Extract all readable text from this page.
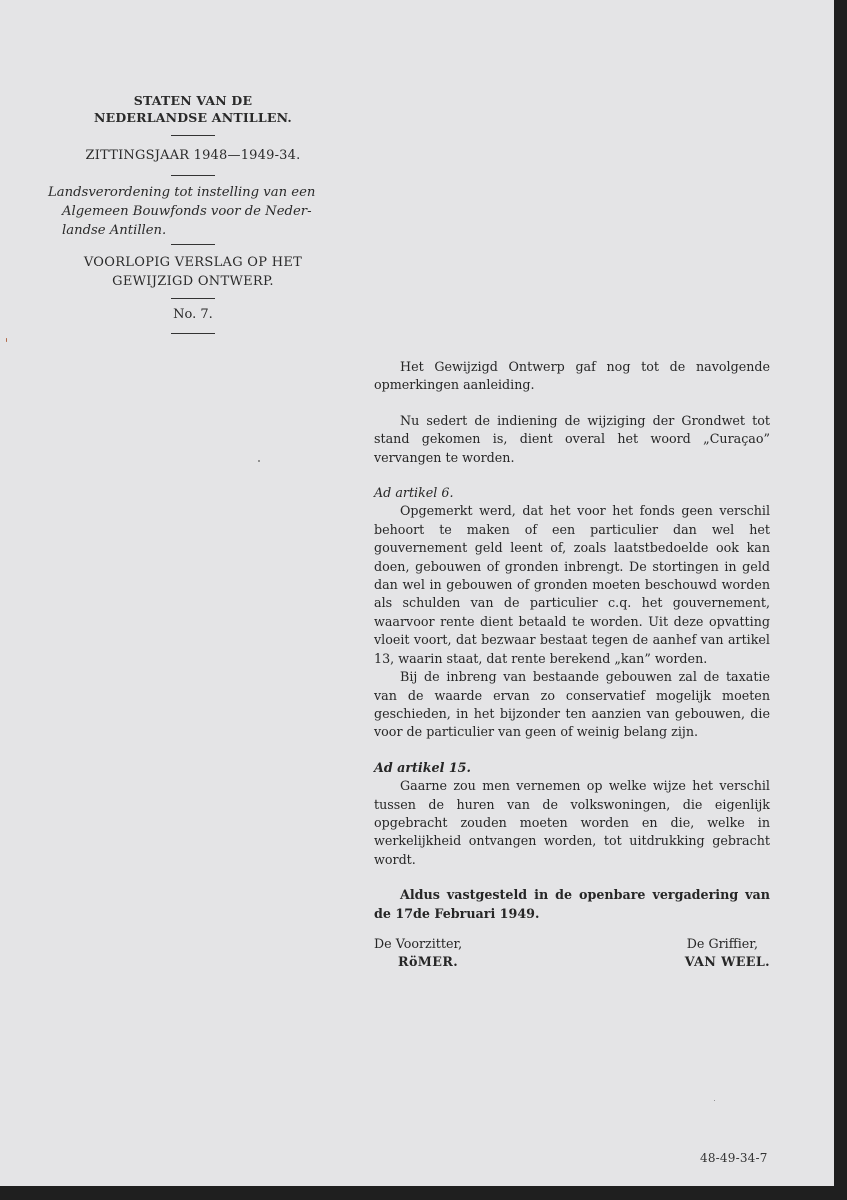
STATEN VAN DE
NEDERLANDSE ANTILLEN.
ZITTINGSJAAR 1948—1949-34.
Landsverordening tot instelling van een
Algemeen Bouwfonds voor de Neder-
landse Antillen.
VOORLOPIG VERSLAG OP HET
GEWIJZIGD ONTWERP.
No. 7.

Het Gewijzigd Ontwerp gaf nog tot de navolgende opmerkingen aanleiding.

Nu sedert de indiening de wijziging der Grondwet tot stand gekomen is, dient overal het woord „Curaçao” vervangen te worden.

Ad artikel 6.

Opgemerkt werd, dat het voor het fonds geen verschil behoort te maken of een particulier dan wel het gouvernement geld leent of, zoals laatstbedoelde ook kan doen, gebouwen of gronden inbrengt. De stortingen in geld dan wel in gebouwen of gronden moeten beschouwd worden als schulden van de particulier c.q. het gouvernement, waarvoor rente dient betaald te worden. Uit deze opvatting vloeit voort, dat bezwaar bestaat tegen de aanhef van artikel 13, waarin staat, dat rente berekend „kan” worden.

Bij de inbreng van bestaande gebouwen zal de taxatie van de waarde ervan zo conservatief mogelijk moeten geschieden, in het bijzonder ten aanzien van gebouwen, die voor de particulier van geen of weinig belang zijn.

Ad artikel 15.

Gaarne zou men vernemen op welke wijze het verschil tussen de huren van de volkswoningen, die eigenlijk opgebracht zouden moeten worden en die, welke in werkelijkheid ontvangen worden, tot uitdrukking gebracht wordt.

Aldus vastgesteld in de openbare vergadering van de 17de Februari 1949.

De Voorzitter,
RöMER.
De Griffier,
VAN WEEL.
48-49-34-7
